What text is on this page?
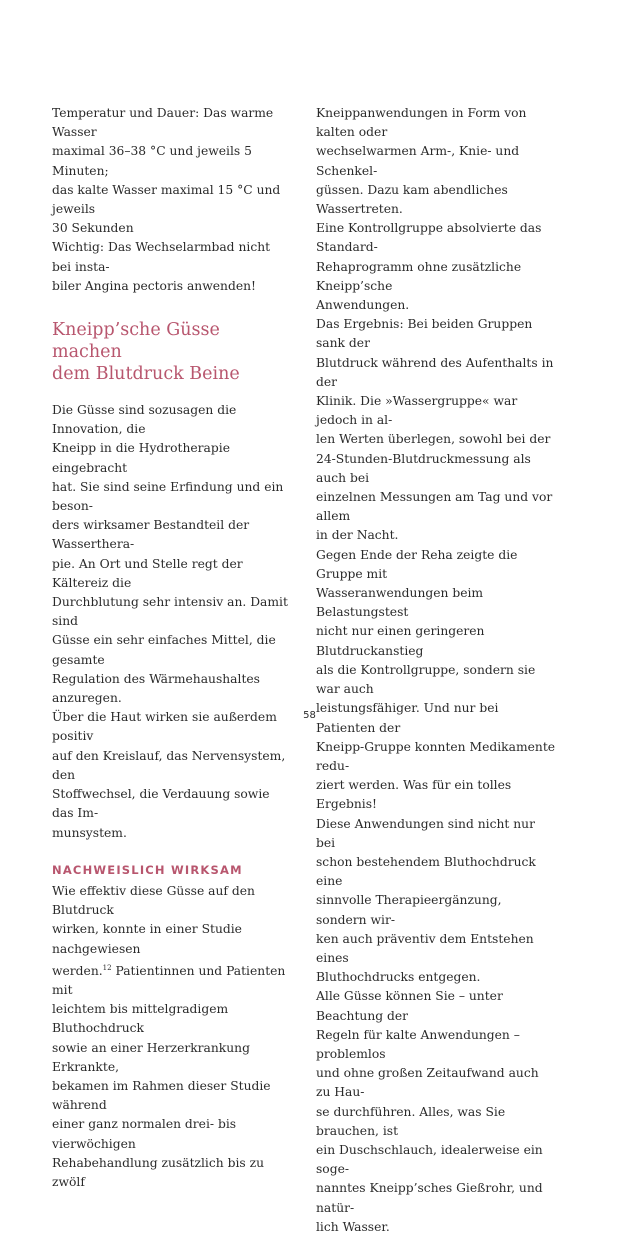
Temperatur und Dauer: Das warme Wasser
maximal 36–38 °C und jeweils 5 Minuten;
das kalte Wasser maximal 15 °C und jeweils
30 Sekunden
Wichtig: Das Wechselarmbad nicht bei insta-
biler Angina pectoris anwenden!

Kneipp’sche Güsse machen
dem Blutdruck Beine

Die Güsse sind sozusagen die Innovation, die
Kneipp in die Hydrotherapie eingebracht
hat. Sie sind seine Erfindung und ein beson-
ders wirksamer Bestandteil der Wassertherа-
pie. An Ort und Stelle regt der Kältereiz die
Durchblutung sehr intensiv an. Damit sind
Güsse ein sehr einfaches Mittel, die gesamte
Regulation des Wärmehaushaltes anzuregen.
Über die Haut wirken sie außerdem positiv
auf den Kreislauf, das Nervensystem, den
Stoffwechsel, die Verdauung sowie das Im-
munsystem.

NACHWEISLICH WIRKSAM

Wie effektiv diese Güsse auf den Blutdruck
wirken, konnte in einer Studie nachgewiesen
werden.$^{12}$ Patientinnen und Patienten mit
leichtem bis mittelgradigem Bluthochdruck
sowie an einer Herzerkrankung Erkrankte,
bekamen im Rahmen dieser Studie während
einer ganz normalen drei- bis vierwöchigen
Rehabehandlung zusätzlich bis zu zwölf

Kneippanwendungen in Form von kalten oder
wechselwarmen Arm-, Knie- und Schenkel-
güssen. Dazu kam abendliches Wassertreten.
Eine Kontrollgruppe absolvierte das Standard-
Rehaprogramm ohne zusätzliche Kneipp’sche
Anwendungen.
Das Ergebnis: Bei beiden Gruppen sank der
Blutdruck während des Aufenthalts in der
Klinik. Die »Wassergruppe« war jedoch in al-
len Werten überlegen, sowohl bei der
24-Stunden-Blutdruckmessung als auch bei
einzelnen Messungen am Tag und vor allem
in der Nacht.
Gegen Ende der Reha zeigte die Gruppe mit
Wasseranwendungen beim Belastungstest
nicht nur einen geringeren Blutdruckanstieg
als die Kontrollgruppe, sondern sie war auch
leistungsfähiger. Und nur bei Patienten der
Kneipp-Gruppe konnten Medikamente redu-
ziert werden. Was für ein tolles Ergebnis!
Diese Anwendungen sind nicht nur bei
schon bestehendem Bluthochdruck eine
sinnvolle Therapieergänzung, sondern wir-
ken auch präventiv dem Entstehen eines
Bluthochdrucks entgegen.
Alle Güsse können Sie – unter Beachtung der
Regeln für kalte Anwendungen – problemlos
und ohne großen Zeitaufwand auch zu Hau-
se durchführen. Alles, was Sie brauchen, ist
ein Duschschlauch, idealerweise ein soge-
nanntes Kneipp’sches Gießrohr, und natür-
lich Wasser.

58
